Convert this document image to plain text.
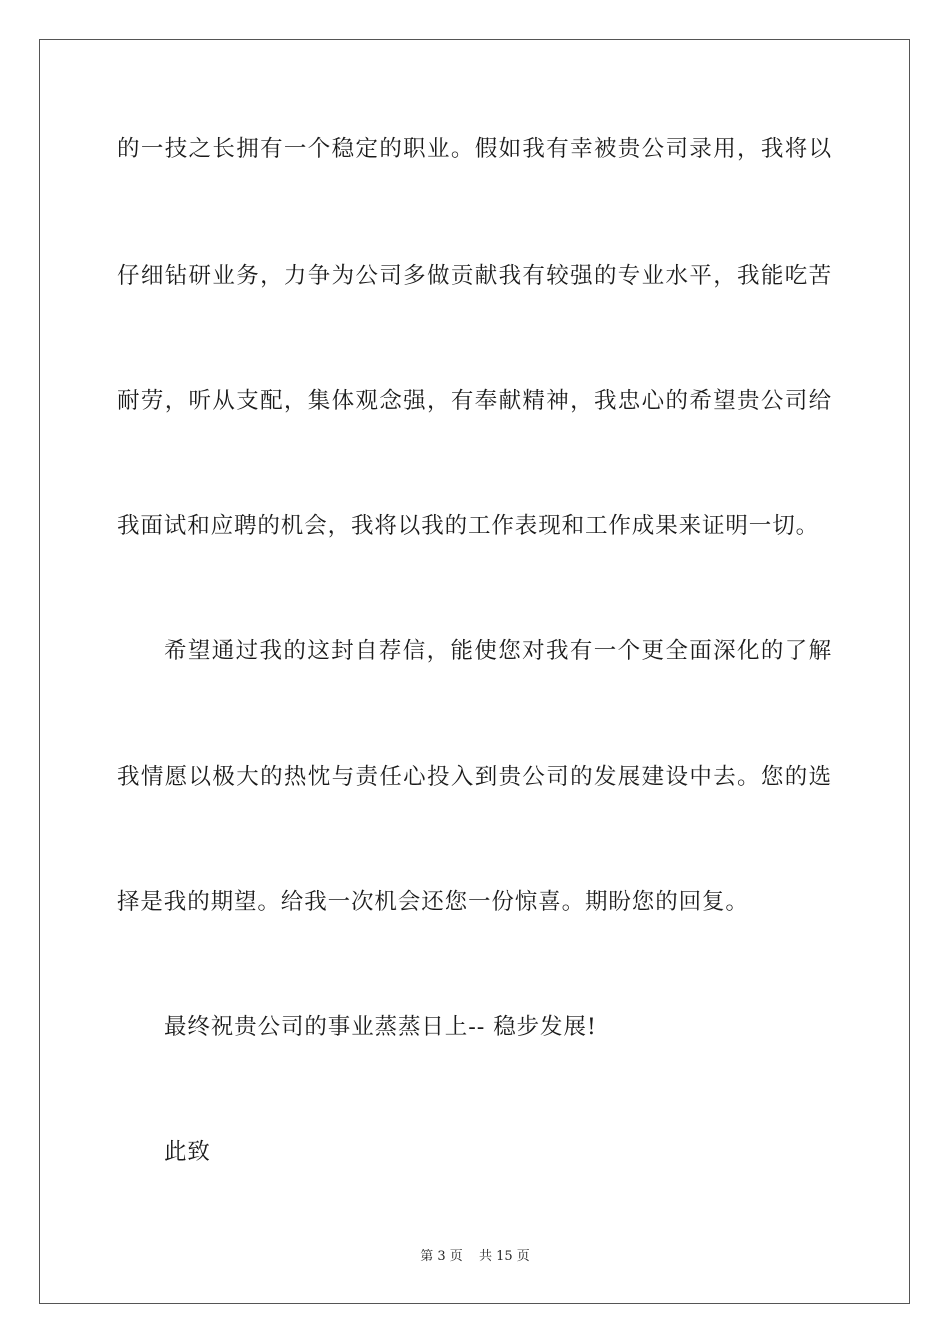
的一技之长拥有一个稳定的职业。假如我有幸被贵公司录用，我将以
仔细钻研业务，力争为公司多做贡献我有较强的专业水平，我能吃苦
耐劳，听从支配，集体观念强，有奉献精神，我忠心的希望贵公司给
我面试和应聘的机会，我将以我的工作表现和工作成果来证明一切。
希望通过我的这封自荐信，能使您对我有一个更全面深化的了解
我情愿以极大的热忱与责任心投入到贵公司的发展建设中去。您的选
择是我的期望。给我一次机会还您一份惊喜。期盼您的回复。
最终祝贵公司的事业蒸蒸日上-- 稳步发展!
此致
第 3 页 共 15 页
